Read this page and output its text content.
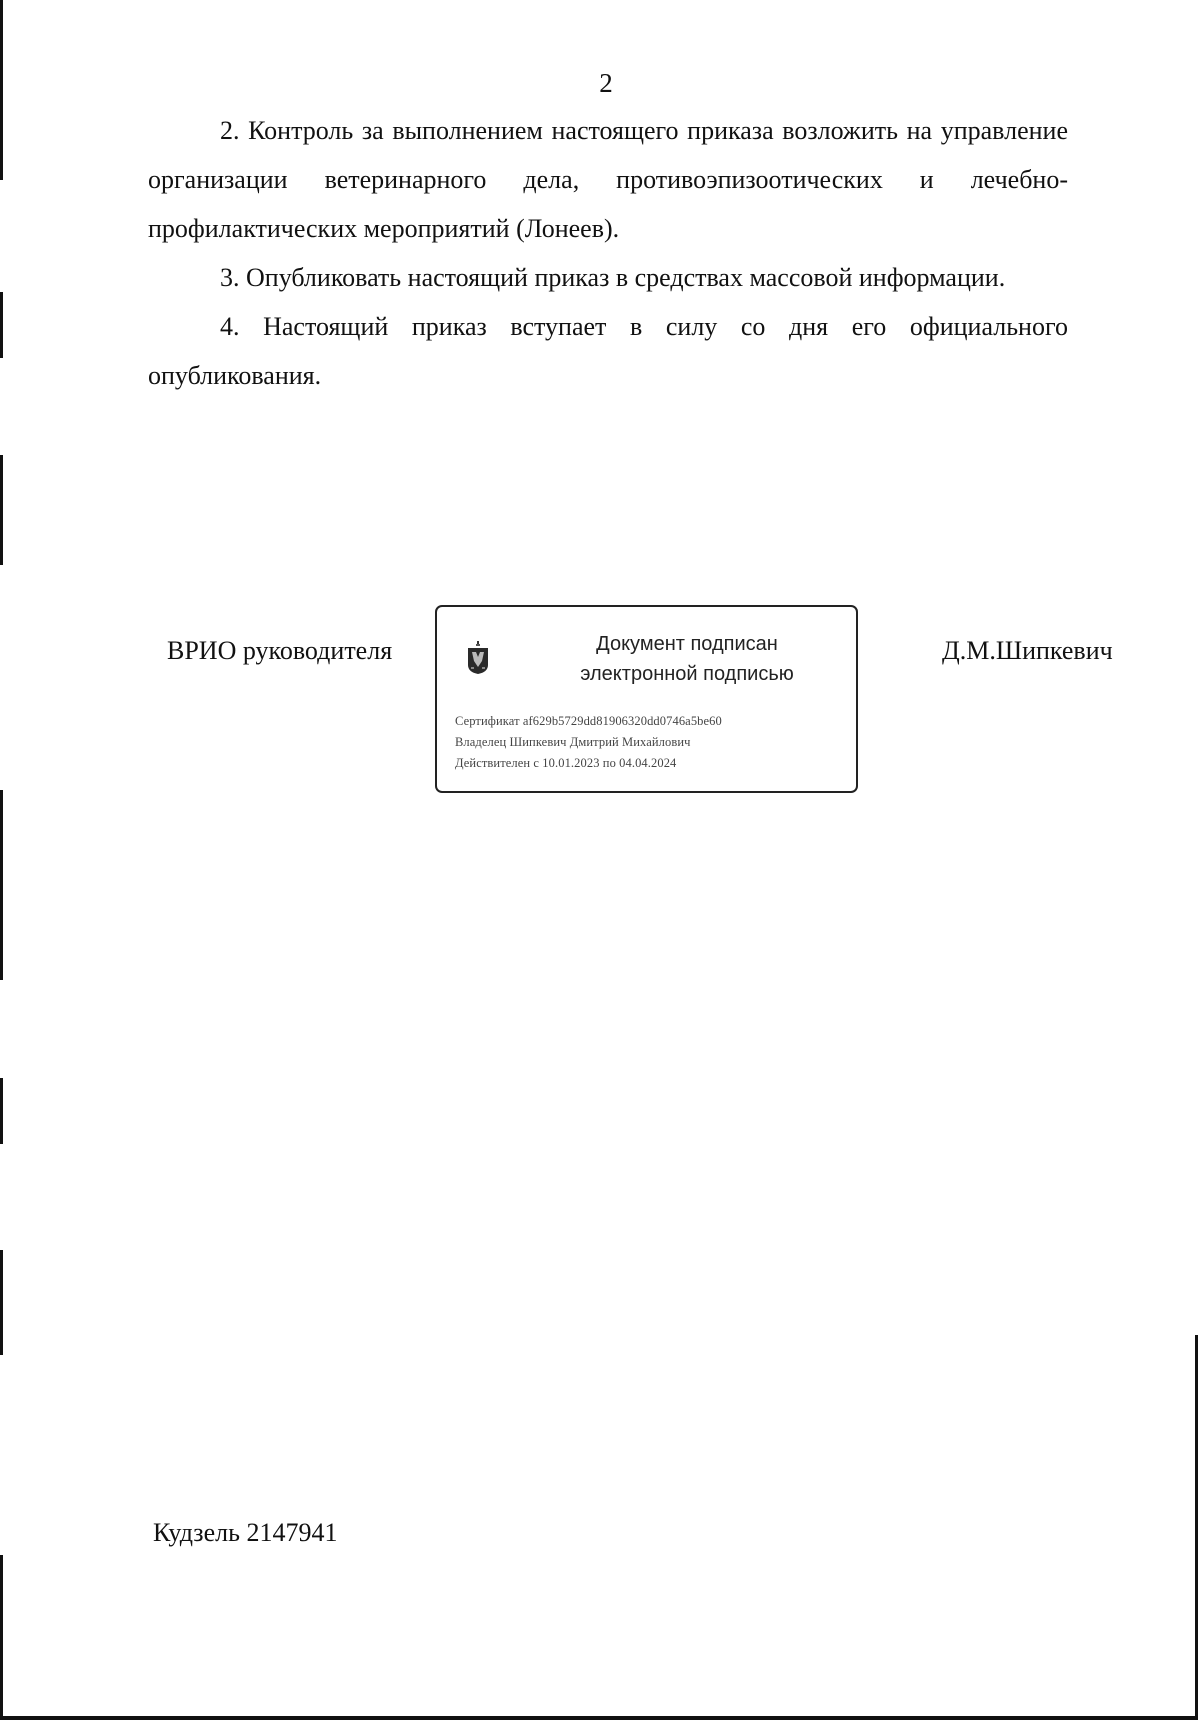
2

2. Контроль за выполнением настоящего приказа возложить на управление организации ветеринарного дела, противоэпизоотических и лечебно-профилактических мероприятий (Лонеев).

3. Опубликовать настоящий приказ в средствах массовой информации.

4. Настоящий приказ вступает в силу со дня его официального опубликования.

ВРИО руководителя	Документ подписан
электронной подписью
Сертификат af629b5729dd81906320dd0746a5be60
Владелец Шипкевич Дмитрий Михайлович
Действителен с 10.01.2023 по 04.04.2024
Д.М.Шипкевич
Кудзель 2147941
